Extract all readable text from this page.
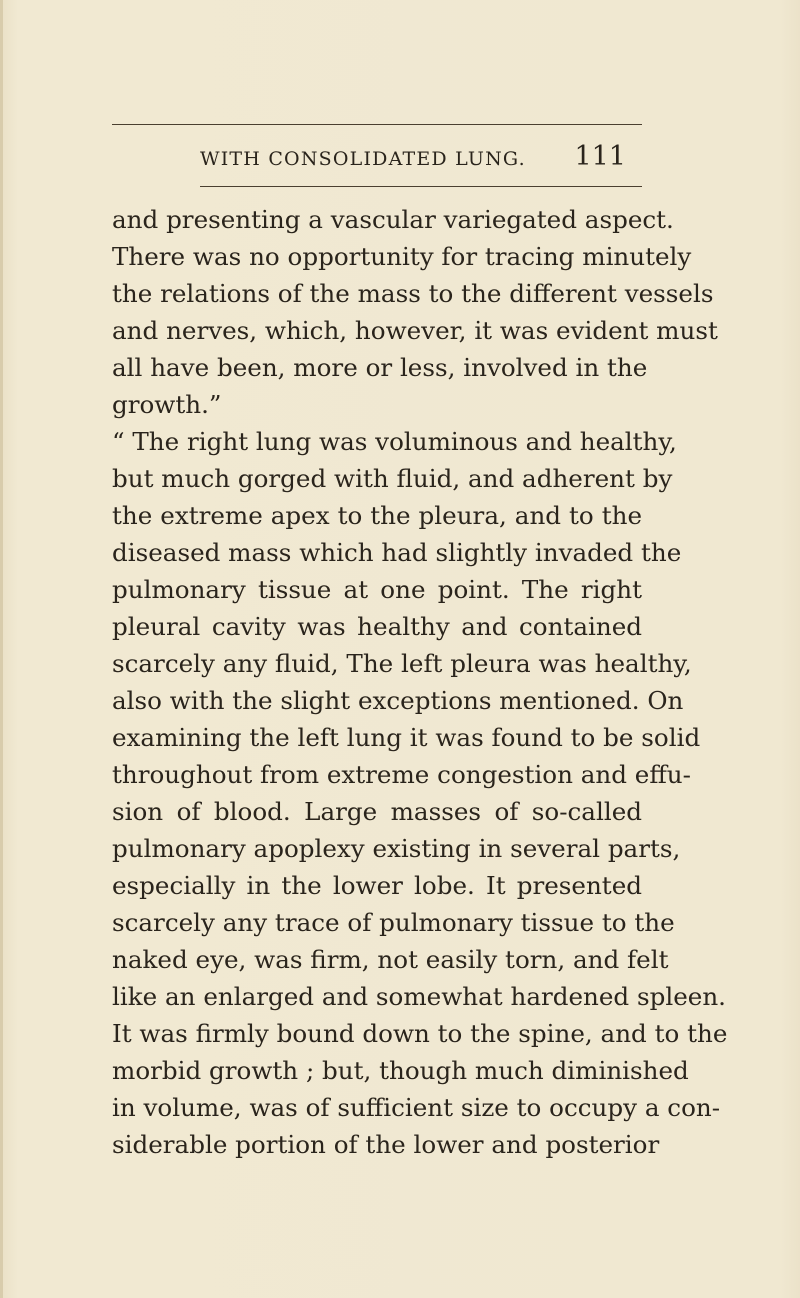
WITH CONSOLIDATED LUNG. 111
and presenting a vascular variegated aspect.
There was no opportunity for tracing minutely
the relations of the mass to the different vessels
and nerves, which, however, it was evident must
all have been, more or less, involved in the
growth.”
“ The right lung was voluminous and healthy,
but much gorged with fluid, and adherent by
the extreme apex to the pleura, and to the
diseased mass which had slightly invaded the
pulmonary tissue at one point. The right
pleural cavity was healthy and contained
scarcely any fluid, The left pleura was healthy,
also with the slight exceptions mentioned. On
examining the left lung it was found to be solid
throughout from extreme congestion and effu-
sion of blood. Large masses of so-called
pulmonary apoplexy existing in several parts,
especially in the lower lobe. It presented
scarcely any trace of pulmonary tissue to the
naked eye, was firm, not easily torn, and felt
like an enlarged and somewhat hardened spleen.
It was firmly bound down to the spine, and to the
morbid growth ; but, though much diminished
in volume, was of sufficient size to occupy a con-
siderable portion of the lower and posterior
